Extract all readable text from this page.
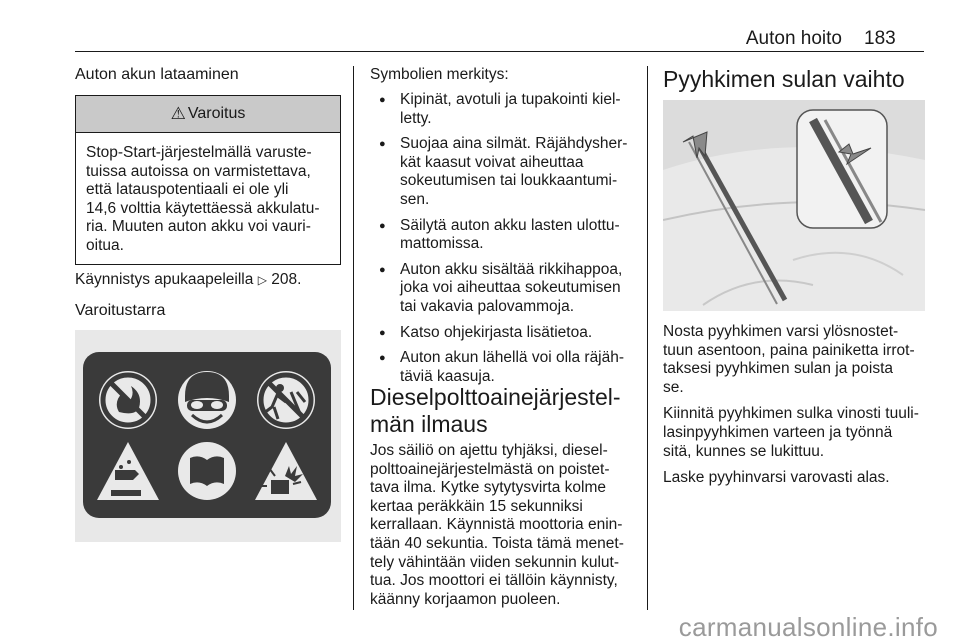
Auton hoito 183
Auton akun lataaminen
⚠ Varoitus
Stop-Start-järjestelmällä varuste-
tuissa autoissa on varmistettava,
että latauspotentiaali ei ole yli
14,6 volttia käytettäessä akkulatu-
ria. Muuten auton akku voi vauri-
oitua.
Käynnistys apukaapeleilla ▷ 208.
Varoitustarra
Symbolien merkitys:
● Kipinät, avotuli ja tupakointi kiel-
letty.
● Suojaa aina silmät. Räjähdysher-
kät kaasut voivat aiheuttaa
sokeutumisen tai loukkaantumi-
sen.
● Säilytä auton akku lasten ulottu-
mattomissa.
● Auton akku sisältää rikkihappoa,
joka voi aiheuttaa sokeutumisen
tai vakavia palovammoja.
● Katso ohjekirjasta lisätietoa.
● Auton akun lähellä voi olla räjäh-
täviä kaasuja.
Dieselpolttoainejärjestel-
män ilmaus
Jos säiliö on ajettu tyhjäksi, diesel-
polttoainejärjestelmästä on poistet-
tava ilma. Kytke sytytysvirta kolme
kertaa peräkkäin 15 sekunniksi
kerrallaan. Käynnistä moottoria enin-
tään 40 sekuntia. Toista tämä menet-
tely vähintään viiden sekunnin kulut-
tua. Jos moottori ei tällöin käynnisty,
käänny korjaamon puoleen.
Pyyhkimen sulan vaihto
Nosta pyyhkimen varsi ylösnostet-
tuun asentoon, paina painiketta irrot-
taksesi pyyhkimen sulan ja poista
se.
Kiinnitä pyyhkimen sulka vinosti tuuli-
lasinpyyhkimen varteen ja työnnä
sitä, kunnes se lukittuu.
Laske pyyhinvarsi varovasti alas.
carmanualsonline.info
